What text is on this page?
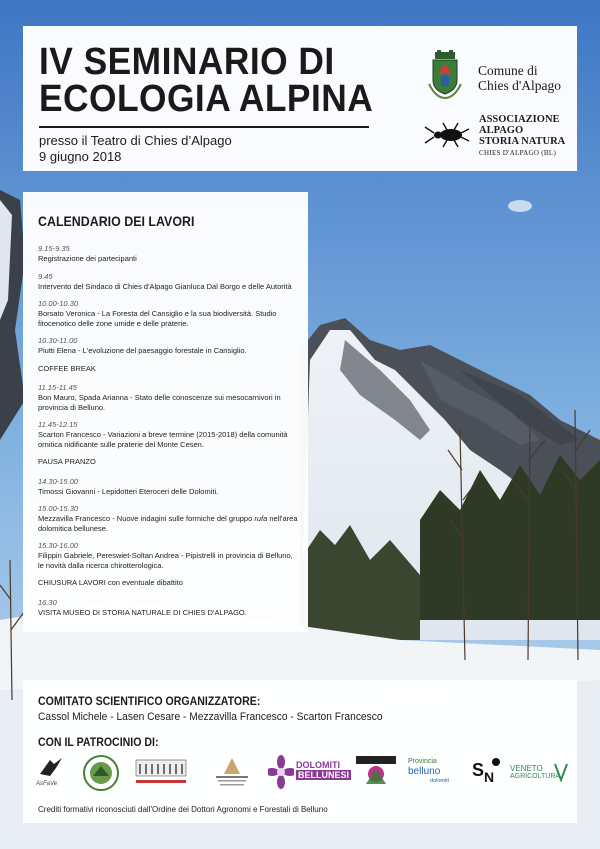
IV SEMINARIO DI
ECOLOGIA ALPINA
presso il Teatro di Chies d’Alpago
9 giugno 2018
Comune di
Chies d'Alpago
ASSOCIAZIONE
ALPAGO
STORIA NATURA
CHIES D'ALPAGO (BL)
CALENDARIO DEI LAVORI
9.15-9.35
Registrazione dei partecipanti
9.45
Intervento del Sindaco di Chies d'Alpago Gianluca Dal Borgo e delle Autorità
10.00-10.30
Borsato Veronica - La Foresta del Cansiglio e la sua biodiversità. Studio fitocenotico delle zone umide e delle praterie.
10.30-11.00
Piutti Elena - L'evoluzione del paesaggio forestale in Cansiglio.
COFFEE BREAK
11.15-11.45
Bon Mauro, Spada Arianna - Stato delle conoscenze sui mesocarnivori in provincia di Belluno.
11.45-12.15
Scarton Francesco - Variazioni a breve termine (2015-2018) della comunità ornitica nidificante sulle praterie del Monte Cesen.
PAUSA PRANZO
14.30-15.00
Timossi Giovanni - Lepidotteri Eteroceri delle Dolomiti.
15.00-15.30
Mezzavilla Francesco - Nuove indagini sulle formiche del gruppo rufa nell'area dolomitica bellunese.
15.30-16.00
Filippin Gabriele, Pereswiet-Soltan Andrea - Pipistrelli in provincia di Belluno, le novità dalla ricerca chirotterologica.
CHIUSURA LAVORI con eventuale dibattito
16.30
VISITA MUSEO DI STORIA NATURALE DI CHIES D'ALPAGO.
COMITATO SCIENTIFICO ORGANIZZATORE:
Cassol Michele - Lasen Cesare - Mezzavilla Francesco - Scarton Francesco
CON IL PATROCINIO DI:
AsFaVe
DOLOMITI
BELLUNESI
Provincia
belluno
dolomiti
S N
VENETO
AGRICOLTURA
Crediti formativi riconosciuti dall'Ordine dei Dottori Agronomi e Forestali di Belluno
